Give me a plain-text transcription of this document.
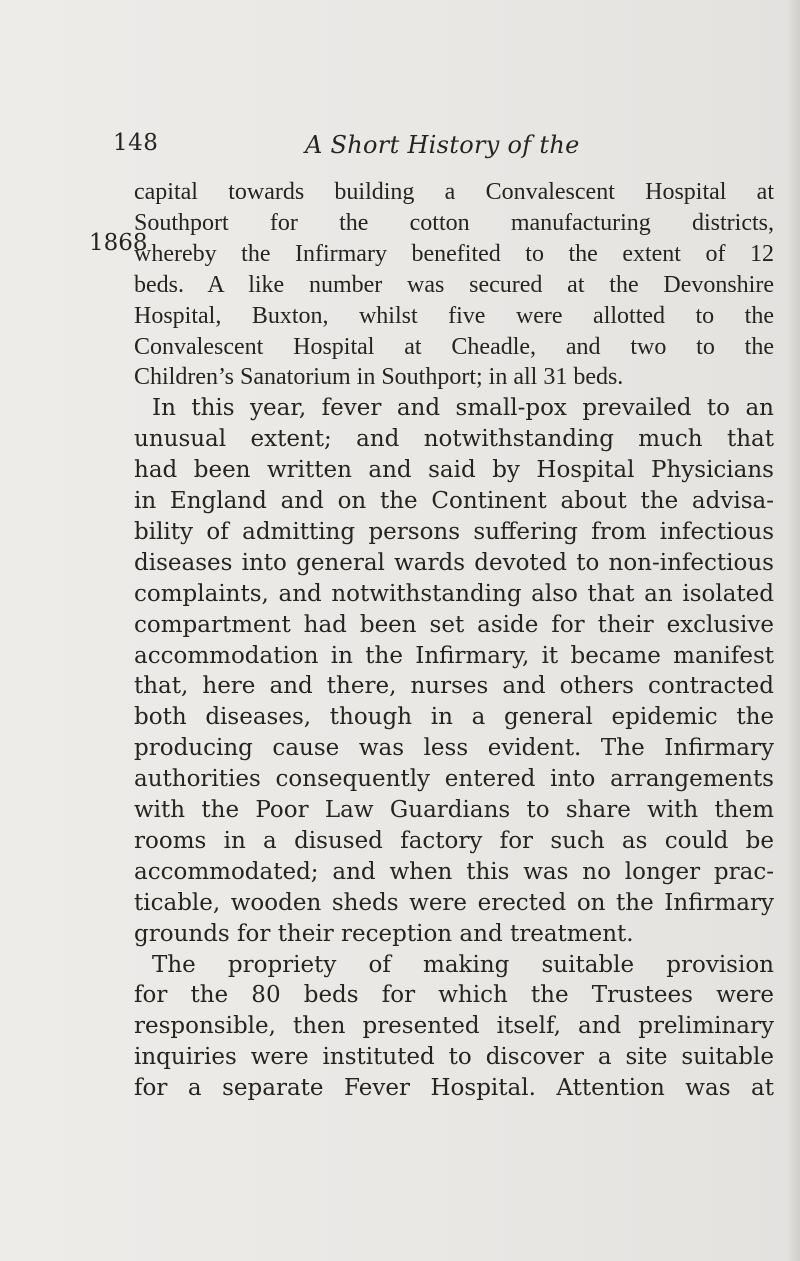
148	A Short History of the
1868
capital towards building a Convalescent Hospital at
Southport for the cotton manufacturing districts,
whereby the Infirmary benefited to the extent of 12
beds. A like number was secured at the Devonshire
Hospital, Buxton, whilst five were allotted to the
Convalescent Hospital at Cheadle, and two to the
Children’s Sanatorium in Southport; in all 31 beds.
In this year, fever and small-pox prevailed to an
unusual extent; and notwithstanding much that
had been written and said by Hospital Physicians
in England and on the Continent about the advisa-
bility of admitting persons suffering from infectious
diseases into general wards devoted to non-infectious
complaints, and notwithstanding also that an isolated
compartment had been set aside for their exclusive
accommodation in the Infirmary, it became manifest
that, here and there, nurses and others contracted
both diseases, though in a general epidemic the
producing cause was less evident. The Infirmary
authorities consequently entered into arrangements
with the Poor Law Guardians to share with them
rooms in a disused factory for such as could be
accommodated; and when this was no longer prac-
ticable, wooden sheds were erected on the Infirmary
grounds for their reception and treatment.
The propriety of making suitable provision
for the 80 beds for which the Trustees were
responsible, then presented itself, and preliminary
inquiries were instituted to discover a site suitable
for a separate Fever Hospital. Attention was at
